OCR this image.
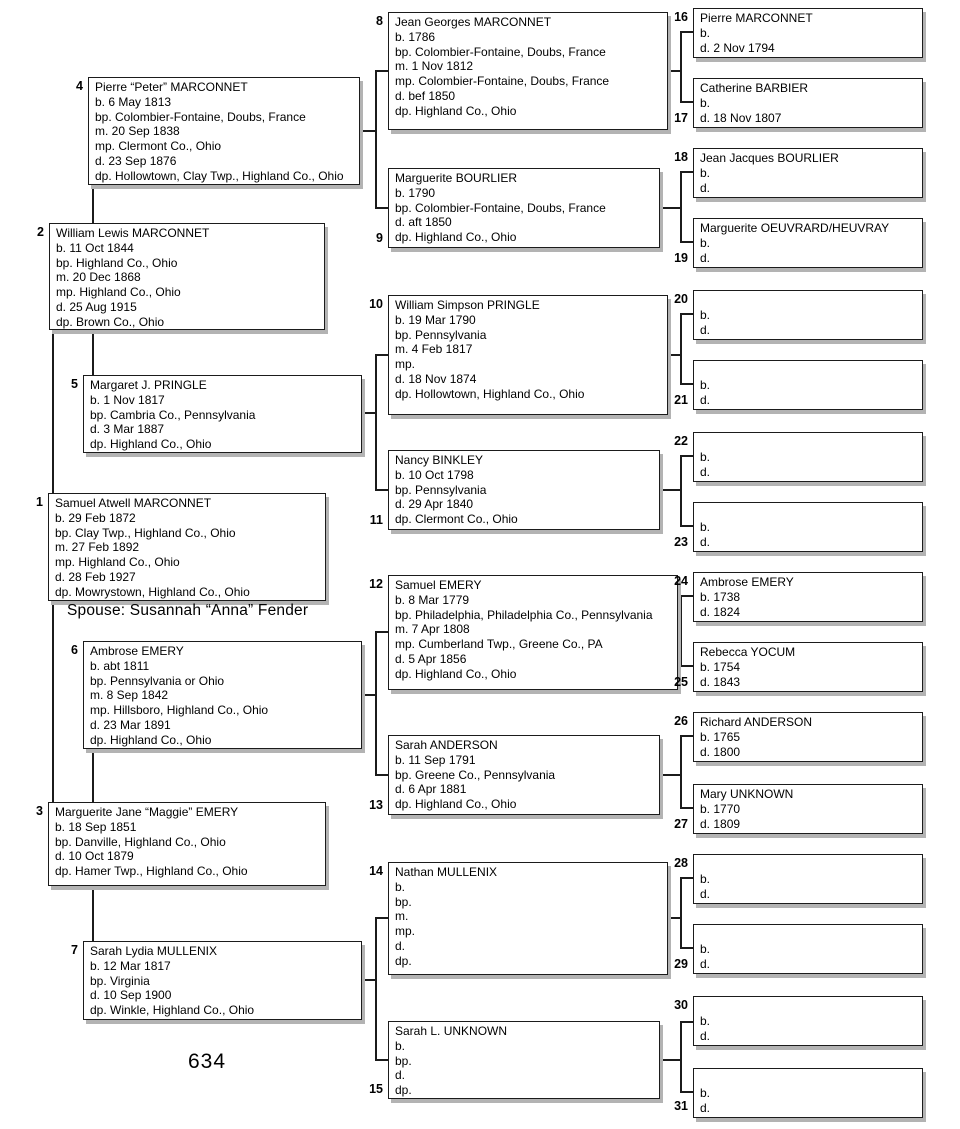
Pierre “Peter” MARCONNET
b. 6 May 1813
bp. Colombier-Fontaine, Doubs, France
m. 20 Sep 1838
mp. Clermont Co., Ohio
d. 23 Sep 1876
dp. Hollowtown, Clay Twp., Highland Co., Ohio
4
William Lewis MARCONNET
b. 11 Oct 1844
bp. Highland Co., Ohio
m. 20 Dec 1868
mp. Highland Co., Ohio
d. 25 Aug 1915
dp. Brown Co., Ohio
2
Margaret J. PRINGLE
b. 1 Nov 1817
bp. Cambria Co., Pennsylvania
d. 3 Mar 1887
dp. Highland Co., Ohio
5
Samuel Atwell MARCONNET
b. 29 Feb 1872
bp. Clay Twp., Highland Co., Ohio
m. 27 Feb 1892
mp. Highland Co., Ohio
d. 28 Feb 1927
dp. Mowrystown, Highland Co., Ohio
1
Spouse: Susannah “Anna” Fender
Ambrose EMERY
b. abt 1811
bp. Pennsylvania or Ohio
m. 8 Sep 1842
mp. Hillsboro, Highland Co., Ohio
d. 23 Mar 1891
dp. Highland Co., Ohio
6
Marguerite Jane “Maggie” EMERY
b. 18 Sep 1851
bp. Danville, Highland Co., Ohio
d. 10 Oct 1879
dp. Hamer Twp., Highland Co., Ohio
3
Sarah Lydia MULLENIX
b. 12 Mar 1817
bp. Virginia
d. 10 Sep 1900
dp. Winkle, Highland Co., Ohio
7
634
Jean Georges MARCONNET
b. 1786
bp. Colombier-Fontaine, Doubs, France
m. 1 Nov 1812
mp. Colombier-Fontaine, Doubs, France
d. bef 1850
dp. Highland Co., Ohio
8
Marguerite BOURLIER
b. 1790
bp. Colombier-Fontaine, Doubs, France
d. aft 1850
dp. Highland Co., Ohio
9
William Simpson PRINGLE
b. 19 Mar 1790
bp. Pennsylvania
m. 4 Feb 1817
mp.
d. 18 Nov 1874
dp. Hollowtown, Highland Co., Ohio
10
Nancy BINKLEY
b. 10 Oct 1798
bp. Pennsylvania
d. 29 Apr 1840
dp. Clermont Co., Ohio
11
Samuel EMERY
b. 8 Mar 1779
bp. Philadelphia, Philadelphia Co., Pennsylvania
m. 7 Apr 1808
mp. Cumberland Twp., Greene Co., PA
d. 5 Apr 1856
dp. Highland Co., Ohio
12
Sarah ANDERSON
b. 11 Sep 1791
bp. Greene Co., Pennsylvania
d. 6 Apr 1881
dp. Highland Co., Ohio
13
Nathan MULLENIX
b.
bp.
m.
mp.
d.
dp.
14
Sarah L. UNKNOWN
b.
bp.
d.
dp.
15
Pierre MARCONNET
b.
d. 2 Nov 1794
16
Catherine BARBIER
b.
d. 18 Nov 1807
17
Jean Jacques BOURLIER
b.
d.
18
Marguerite OEUVRARD/HEUVRAY
b.
d.
19
b.
d.
20
b.
d.
21
b.
d.
22
b.
d.
23
Ambrose EMERY
b. 1738
d. 1824
24
Rebecca YOCUM
b. 1754
d. 1843
25
Richard ANDERSON
b. 1765
d. 1800
26
Mary UNKNOWN
b. 1770
d. 1809
27
b.
d.
28
b.
d.
29
b.
d.
30
b.
d.
31
